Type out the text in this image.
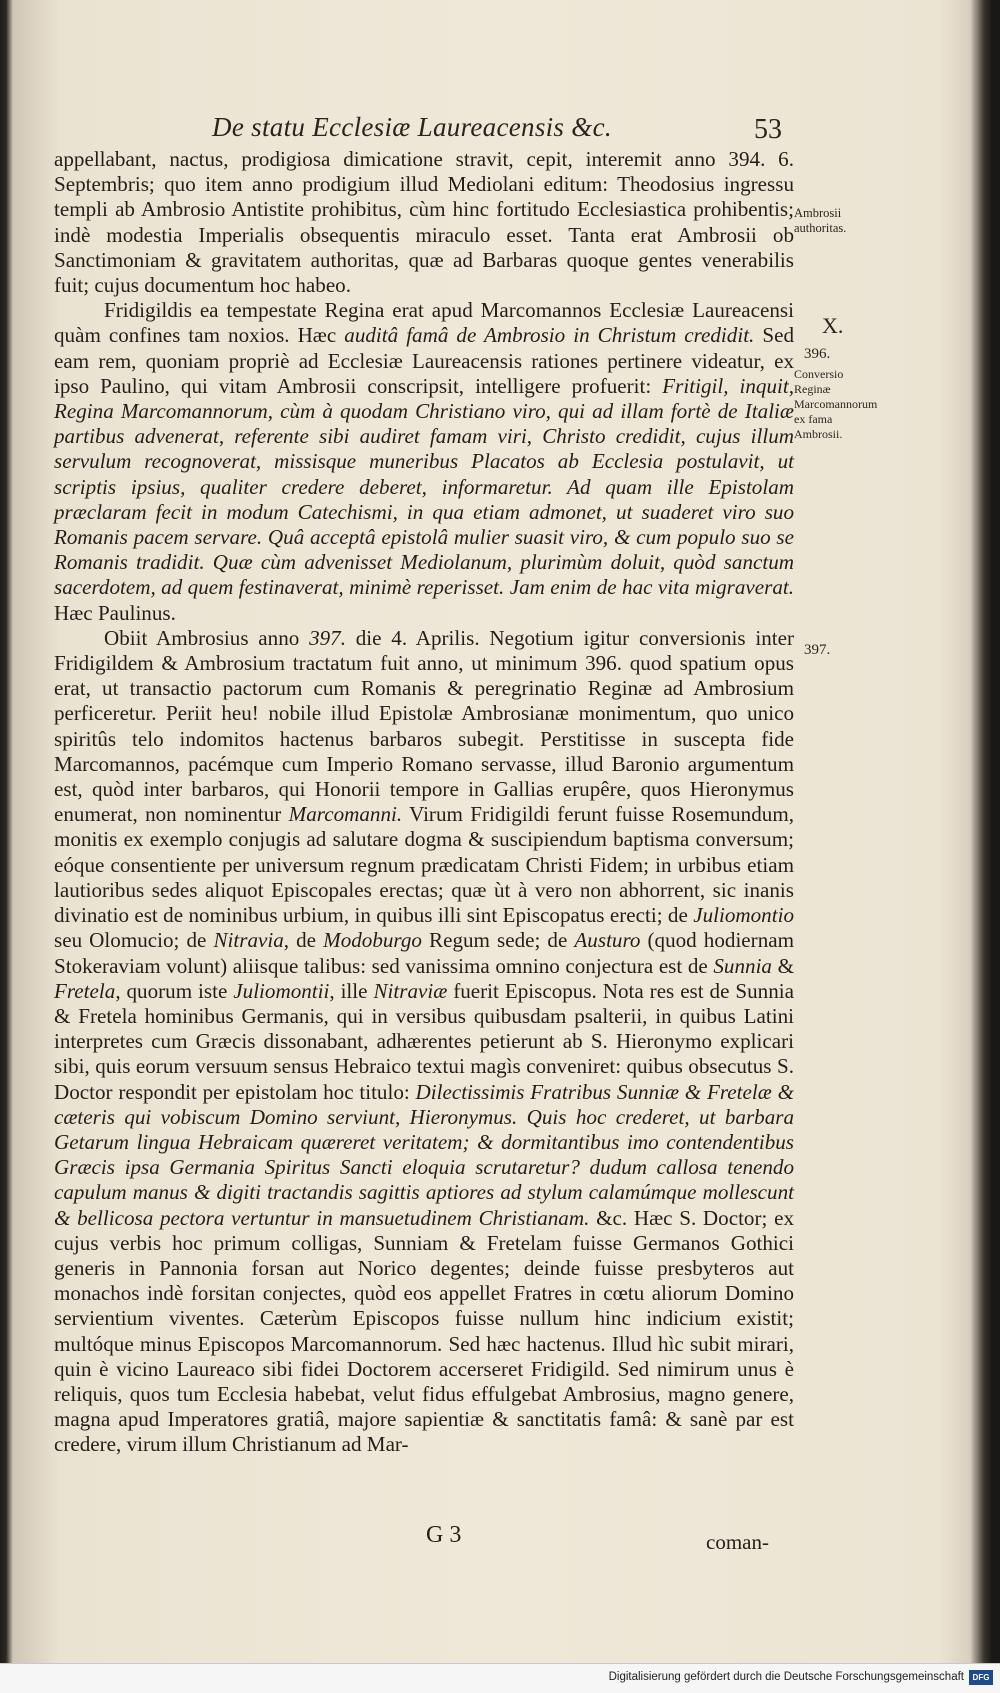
De statu Ecclesiæ Laureacensis &c.	53

appellabant, nactus, prodigiosa dimicatione stravit, cepit, interemit anno 394. 6. Septembris; quo item anno prodigium illud Mediolani editum: Theodosius ingressu templi ab Ambrosio Antistite prohibitus, cùm hinc fortitudo Ecclesiastica prohibentis; indè modestia Imperialis obsequentis miraculo esset. Tanta erat Ambrosii ob Sanctimoniam & gravitatem authoritas, quæ ad Barbaras quoque gentes venerabilis fuit; cujus documentum hoc habeo.

Fridigildis ea tempestate Regina erat apud Marcomannos Ecclesiæ Laureacensi quàm confines tam noxios. Hæc auditâ famâ de Ambrosio in Christum credidit. Sed eam rem, quoniam propriè ad Ecclesiæ Laureacensis rationes pertinere videatur, ex ipso Paulino, qui vitam Ambrosii conscripsit, intelligere profuerit: Fritigil, inquit, Regina Marcomannorum, cùm à quodam Christiano viro, qui ad illam fortè de Italiæ partibus advenerat, referente sibi audiret famam viri, Christo credidit, cujus illum servulum recognoverat, missisque muneribus Placatos ab Ecclesia postulavit, ut scriptis ipsius, qualiter credere deberet, informaretur. Ad quam ille Epistolam præclaram fecit in modum Catechismi, in qua etiam admonet, ut suaderet viro suo Romanis pacem servare. Quâ acceptâ epistolâ mulier suasit viro, & cum populo suo se Romanis tradidit. Quæ cùm advenisset Mediolanum, plurimùm doluit, quòd sanctum sacerdotem, ad quem festinaverat, minimè reperisset. Jam enim de hac vita migraverat. Hæc Paulinus.

Obiit Ambrosius anno 397. die 4. Aprilis. Negotium igitur conversionis inter Fridigildem & Ambrosium tractatum fuit anno, ut minimum 396. quod spatium opus erat, ut transactio pactorum cum Romanis & peregrinatio Reginæ ad Ambrosium perficeretur. Periit heu! nobile illud Epistolæ Ambrosianæ monimentum, quo unico spiritûs telo indomitos hactenus barbaros subegit. Perstitisse in suscepta fide Marcomannos, pacémque cum Imperio Romano servasse, illud Baronio argumentum est, quòd inter barbaros, qui Honorii tempore in Gallias erupêre, quos Hieronymus enumerat, non nominentur Marcomanni. Virum Fridigildi ferunt fuisse Rosemundum, monitis ex exemplo conjugis ad salutare dogma & suscipiendum baptisma conversum; eóque consentiente per universum regnum prædicatam Christi Fidem; in urbibus etiam lautioribus sedes aliquot Episcopales erectas; quæ ùt à vero non abhorrent, sic inanis divinatio est de nominibus urbium, in quibus illi sint Episcopatus erecti; de Juliomontio seu Olomucio; de Nitravia, de Modoburgo Regum sede; de Austuro (quod hodiernam Stokeraviam volunt) aliisque talibus: sed vanissima omnino conjectura est de Sunnia & Fretela, quorum iste Juliomontii, ille Nitraviæ fuerit Episcopus. Nota res est de Sunnia & Fretela hominibus Germanis, qui in versibus quibusdam psalterii, in quibus Latini interpretes cum Græcis dissonabant, adhærentes petierunt ab S. Hieronymo explicari sibi, quis eorum versuum sensus Hebraico textui magìs conveniret: quibus obsecutus S. Doctor respondit per epistolam hoc titulo: Dilectissimis Fratribus Sunniæ & Fretelæ & cæteris qui vobiscum Domino serviunt, Hieronymus. Quis hoc crederet, ut barbara Getarum lingua Hebraicam quæreret veritatem; & dormitantibus imo contendentibus Græcis ipsa Germania Spiritus Sancti eloquia scrutaretur? dudum callosa tenendo capulum manus & digiti tractandis sagittis aptiores ad stylum calamúmque mollescunt & bellicosa pectora vertuntur in mansuetudinem Christianam. &c. Hæc S. Doctor; ex cujus verbis hoc primum colligas, Sunniam & Fretelam fuisse Germanos Gothici generis in Pannonia forsan aut Norico degentes; deinde fuisse presbyteros aut monachos indè forsitan conjectes, quòd eos appellet Fratres in cœtu aliorum Domino servientium viventes. Cæterùm Episcopos fuisse nullum hinc indicium existit; multóque minus Episcopos Marcomannorum. Sed hæc hactenus. Illud hìc subit mirari, quin è vicino Laureaco sibi fidei Doctorem accerseret Fridigild. Sed nimirum unus è reliquis, quos tum Ecclesia habebat, velut fidus effulgebat Ambrosius, magno genere, magna apud Imperatores gratiâ, majore sapientiæ & sanctitatis famâ: & sanè par est credere, virum illum Christianum ad Mar-

Ambrosii authoritas.
X.
396.
Conversio Reginæ Marcomannorum ex fama Ambrosii.
397.
G 3	coman-
Digitalisierung gefördert durch die Deutsche Forschungsgemeinschaft	DFG
